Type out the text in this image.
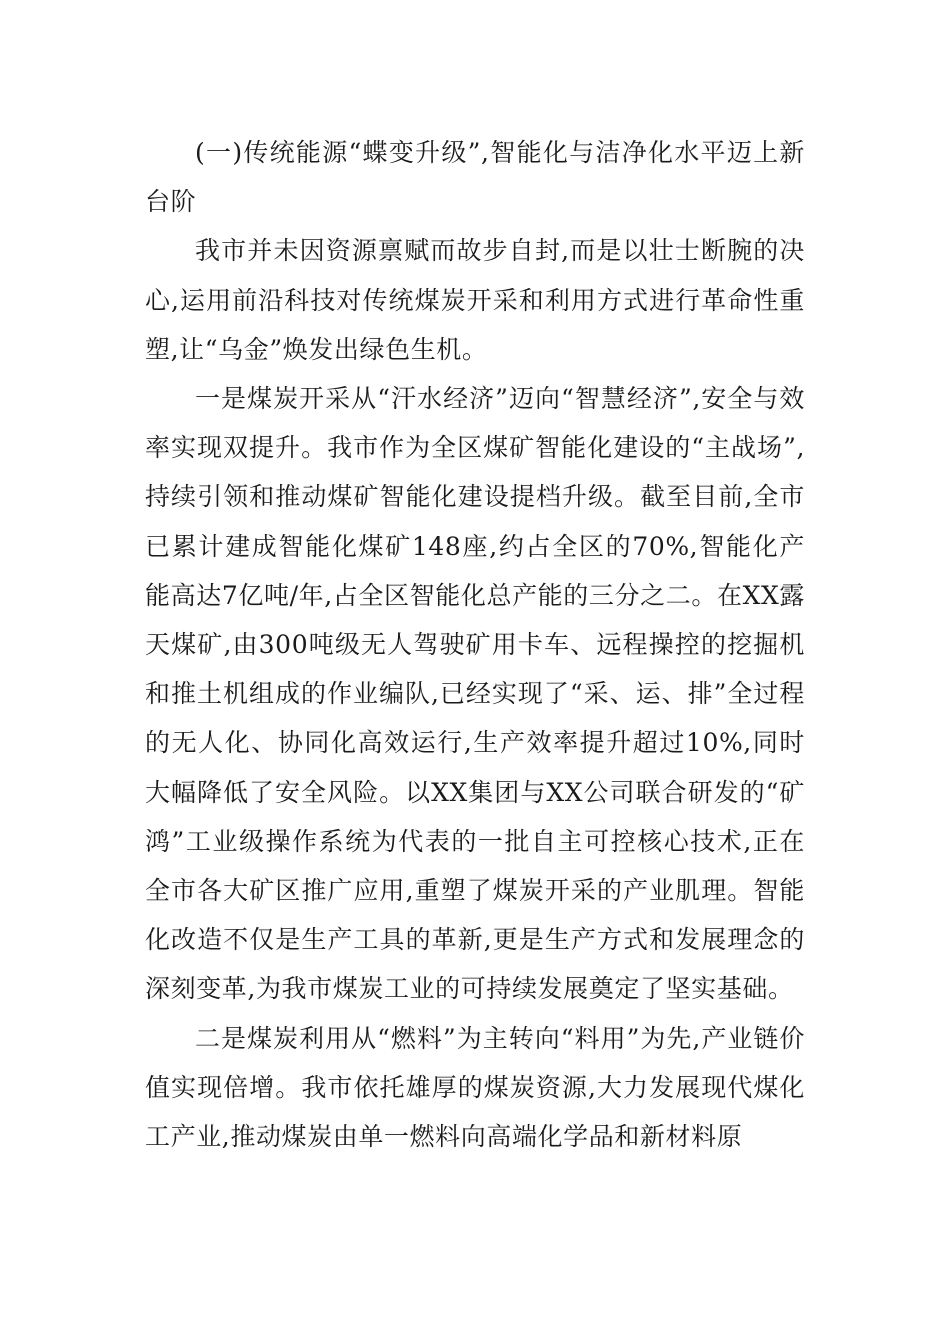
(一)传统能源“蝶变升级”,智能化与洁净化水平迈上新台阶

我市并未因资源禀赋而故步自封,而是以壮士断腕的决心,运用前沿科技对传统煤炭开采和利用方式进行革命性重塑,让“乌金”焕发出绿色生机。

一是煤炭开采从“汗水经济”迈向“智慧经济”,安全与效率实现双提升。我市作为全区煤矿智能化建设的“主战场”,持续引领和推动煤矿智能化建设提档升级。截至目前,全市已累计建成智能化煤矿148座,约占全区的70%,智能化产能高达7亿吨/年,占全区智能化总产能的三分之二。在XX露天煤矿,由300吨级无人驾驶矿用卡车、远程操控的挖掘机和推土机组成的作业编队,已经实现了“采、运、排”全过程的无人化、协同化高效运行,生产效率提升超过10%,同时大幅降低了安全风险。以XX集团与XX公司联合研发的“矿鸿”工业级操作系统为代表的一批自主可控核心技术,正在全市各大矿区推广应用,重塑了煤炭开采的产业肌理。智能化改造不仅是生产工具的革新,更是生产方式和发展理念的深刻变革,为我市煤炭工业的可持续发展奠定了坚实基础。

二是煤炭利用从“燃料”为主转向“料用”为先,产业链价值实现倍增。我市依托雄厚的煤炭资源,大力发展现代煤化工产业,推动煤炭由单一燃料向高端化学品和新材料原
